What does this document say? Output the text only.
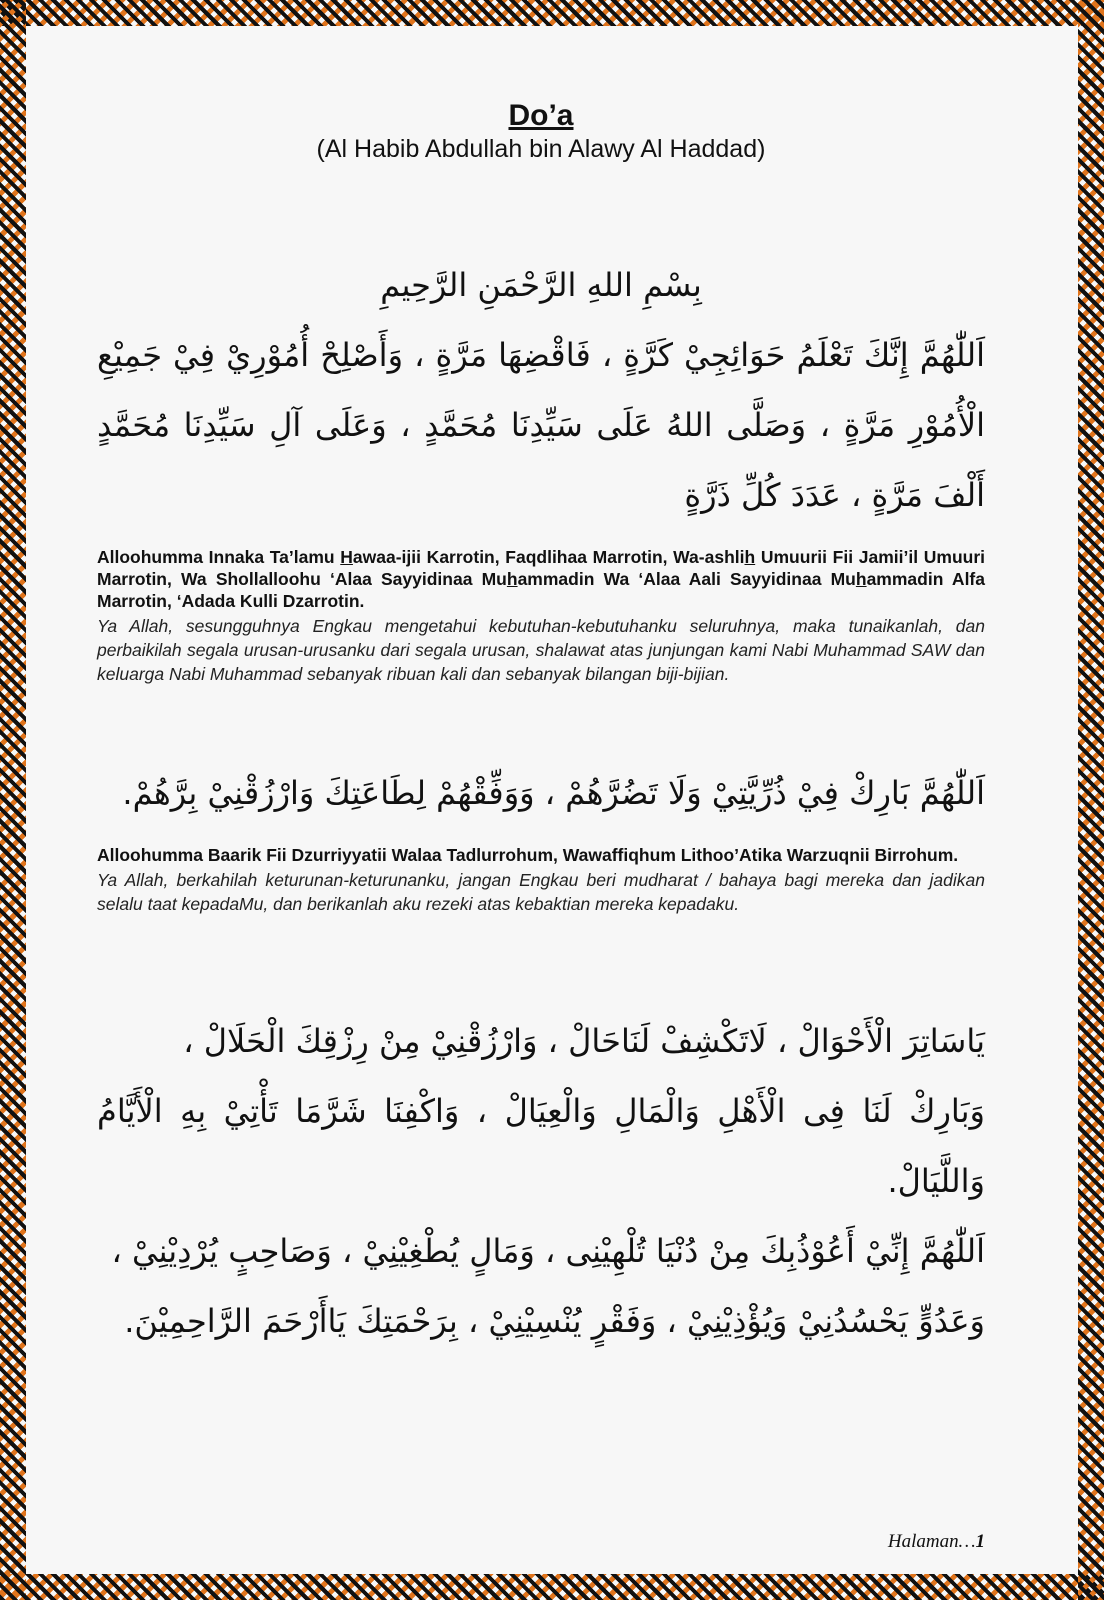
Do’a
(Al Habib Abdullah bin Alawy Al Haddad)
بِسْمِ اللهِ الرَّحْمَنِ الرَّحِيمِ
اَللّٰهُمَّ إِنَّكَ تَعْلَمُ حَوَائِجِيْ كَرَّةٍ ، فَاقْضِهَا مَرَّةٍ ، وَأَصْلِحْ أُمُوْرِيْ فِيْ جَمِيْعِ الْأُمُوْرِ مَرَّةٍ ، وَصَلَّى اللهُ عَلَى سَيِّدِنَا مُحَمَّدٍ ، وَعَلَى آلِ سَيِّدِنَا مُحَمَّدٍ أَلْفَ مَرَّةٍ ، عَدَدَ كُلِّ ذَرَّةٍ
Alloohumma Innaka Ta’lamu Hawaa-ijii Karrotin, Faqdlihaa Marrotin, Wa-ashlih Umuurii Fii Jamii’il Umuuri Marrotin, Wa Shollalloohu ‘Alaa Sayyidinaa Muhammadin Wa ‘Alaa Aali Sayyidinaa Muhammadin Alfa Marrotin, ‘Adada Kulli Dzarrotin.
Ya Allah, sesungguhnya Engkau mengetahui kebutuhan-kebutuhanku seluruhnya, maka tunaikanlah, dan perbaikilah segala urusan-urusanku dari segala urusan, shalawat atas junjungan kami Nabi Muhammad SAW dan keluarga Nabi Muhammad sebanyak ribuan kali dan sebanyak bilangan biji-bijian.
اَللّٰهُمَّ بَارِكْ فِيْ ذُرِّيَّتِيْ وَلَا تَضُرَّهُمْ ، وَوَفِّقْهُمْ لِطَاعَتِكَ وَارْزُقْنِيْ بِرَّهُمْ.
Alloohumma Baarik Fii Dzurriyyatii Walaa Tadlurrohum, Wawaffiqhum Lithoo’Atika Warzuqnii Birrohum.
Ya Allah, berkahilah keturunan-keturunanku, jangan Engkau beri mudharat / bahaya bagi mereka dan jadikan selalu taat kepadaMu, dan berikanlah aku rezeki atas kebaktian mereka kepadaku.
يَاسَاتِرَ الْأَحْوَالْ ، لَاتَكْشِفْ لَنَاحَالْ ، وَارْزُقْنِيْ مِنْ رِزْقِكَ الْحَلَالْ ،
وَبَارِكْ لَنَا فِى الْأَهْلِ وَالْمَالِ وَالْعِيَالْ ، وَاكْفِنَا شَرَّمَا تَأْتِيْ بِهِ الْأَيَّامُ وَاللَّيَالْ.
اَللّٰهُمَّ إِنِّيْ أَعُوْذُبِكَ مِنْ دُنْيَا تُلْهِيْنِى ، وَمَالٍ يُطْغِيْنِيْ ، وَصَاحِبٍ يُرْدِيْنِيْ ،
وَعَدُوٍّ يَحْسُدُنِيْ وَيُؤْذِيْنِيْ ، وَفَقْرٍ يُنْسِيْنِيْ ، بِرَحْمَتِكَ يَاأَرْحَمَ الرَّاحِمِيْنَ.
Halaman…1
